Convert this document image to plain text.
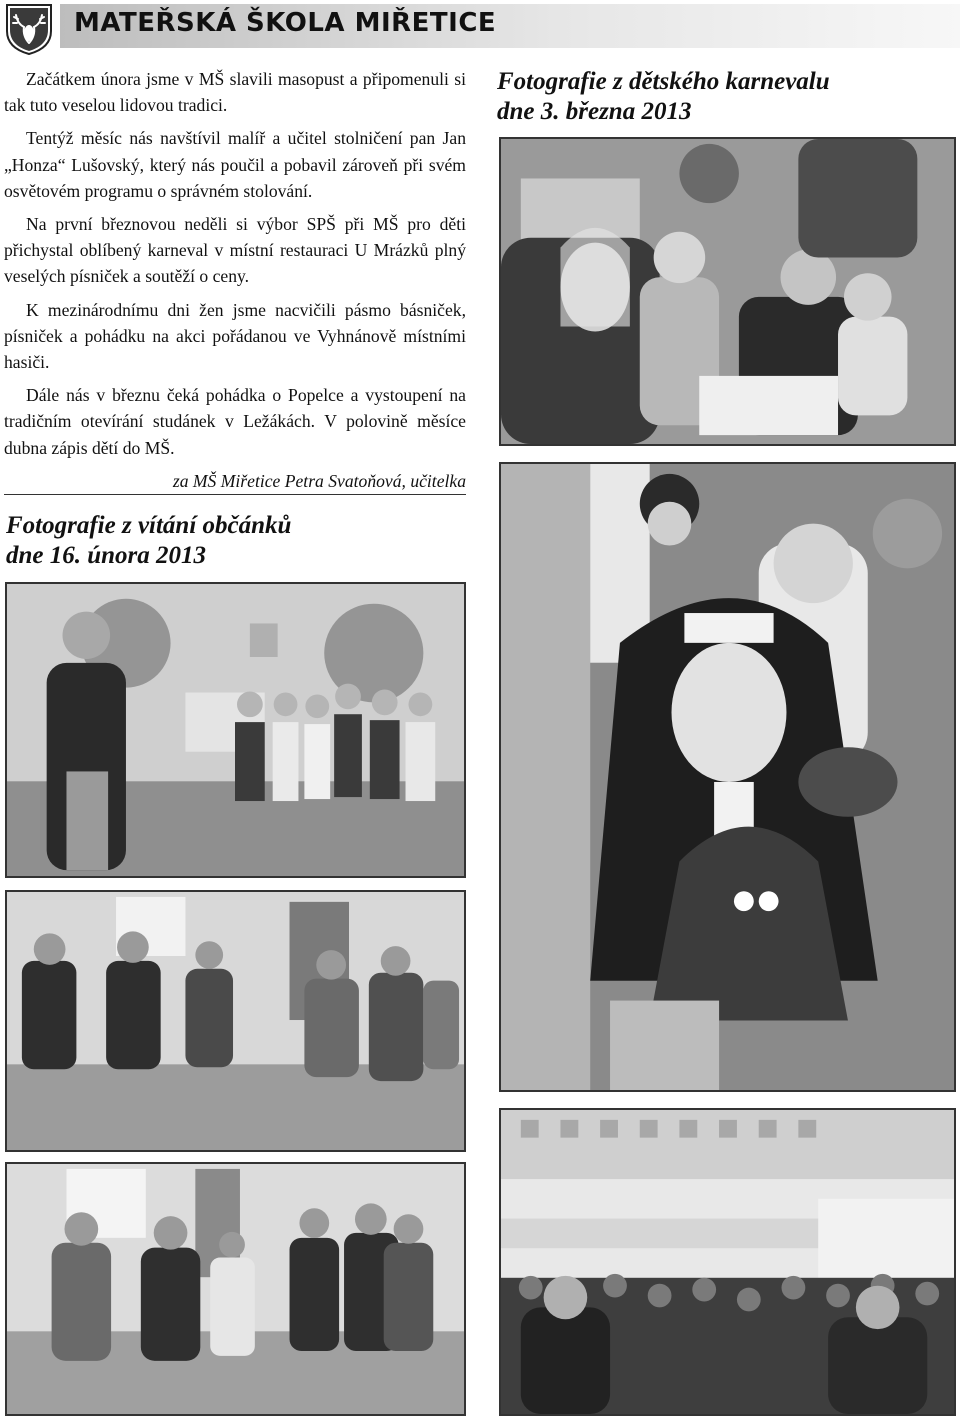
MATEŘSKÁ ŠKOLA MIŘETICE

Začátkem února jsme v MŠ slavili masopust a připomenuli si tak tuto veselou lidovou tradici.

Tentýž měsíc nás navštívil malíř a učitel stolničení pan Jan „Honza“ Lušovský, který nás poučil a pobavil zároveň při svém osvětovém programu o správném stolování.

Na první březnovou neděli si výbor SPŠ při MŠ pro děti přichystal oblíbený karneval v místní restauraci U Mrázků plný veselých písniček a soutěží o ceny.

K mezinárodnímu dni žen jsme nacvičili pásmo básniček, písniček a pohádku na akci pořádanou ve Vyhnánově místními hasiči.

Dále nás v březnu čeká pohádka o Popelce a vystoupení na tradičním otevírání studánek v Ležákách. V polovině měsíce dubna zápis dětí do MŠ.

za MŠ Miřetice Petra Svatoňová, učitelka
Fotografie z vítání občánků
dne 16. února 2013
Fotografie z dětského karnevalu
dne 3. března 2013
